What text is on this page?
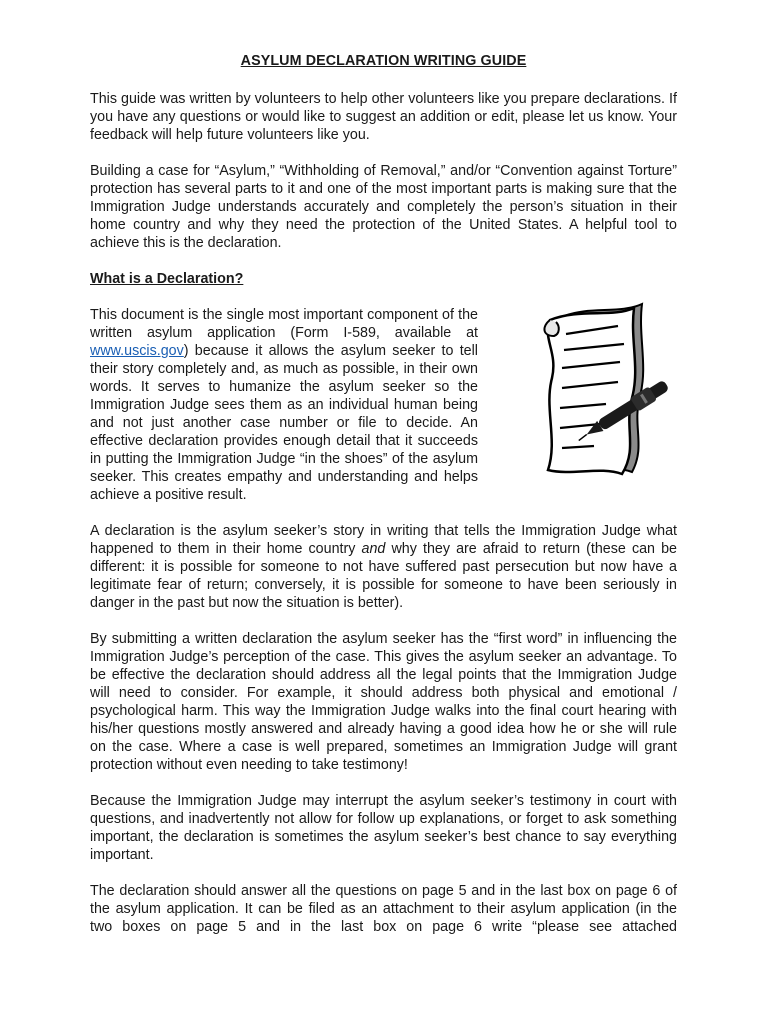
ASYLUM DECLARATION WRITING GUIDE

This guide was written by volunteers to help other volunteers like you prepare declarations. If you have any questions or would like to suggest an addition or edit, please let us know. Your feedback will help future volunteers like you.

Building a case for “Asylum,” “Withholding of Removal,” and/or “Convention against Torture” protection has several parts to it and one of the most important parts is making sure that the Immigration Judge understands accurately and completely the person’s situation in their home country and why they need the protection of the United States. A helpful tool to achieve this is the declaration.

What is a Declaration?

This document is the single most important component of the written asylum application (Form I-589, available at www.uscis.gov) because it allows the asylum seeker to tell their story completely and, as much as possible, in their own words. It serves to humanize the asylum seeker so the Immigration Judge sees them as an individual human being and not just another case number or file to decide. An effective declaration provides enough detail that it succeeds in putting the Immigration Judge “in the shoes” of the asylum seeker. This creates empathy and understanding and helps achieve a positive result.

A declaration is the asylum seeker’s story in writing that tells the Immigration Judge what happened to them in their home country and why they are afraid to return (these can be different: it is possible for someone to not have suffered past persecution but now have a legitimate fear of return; conversely, it is possible for someone to have been seriously in danger in the past but now the situation is better).

By submitting a written declaration the asylum seeker has the “first word” in influencing the Immigration Judge’s perception of the case. This gives the asylum seeker an advantage. To be effective the declaration should address all the legal points that the Immigration Judge will need to consider. For example, it should address both physical and emotional / psychological harm. This way the Immigration Judge walks into the final court hearing with his/her questions mostly answered and already having a good idea how he or she will rule on the case. Where a case is well prepared, sometimes an Immigration Judge will grant protection without even needing to take testimony!

Because the Immigration Judge may interrupt the asylum seeker’s testimony in court with questions, and inadvertently not allow for follow up explanations, or forget to ask something important, the declaration is sometimes the asylum seeker’s best chance to say everything important.

The declaration should answer all the questions on page 5 and in the last box on page 6 of the asylum application. It can be filed as an attachment to their asylum application (in the two boxes on page 5 and in the last box on page 6 write “please see attached
